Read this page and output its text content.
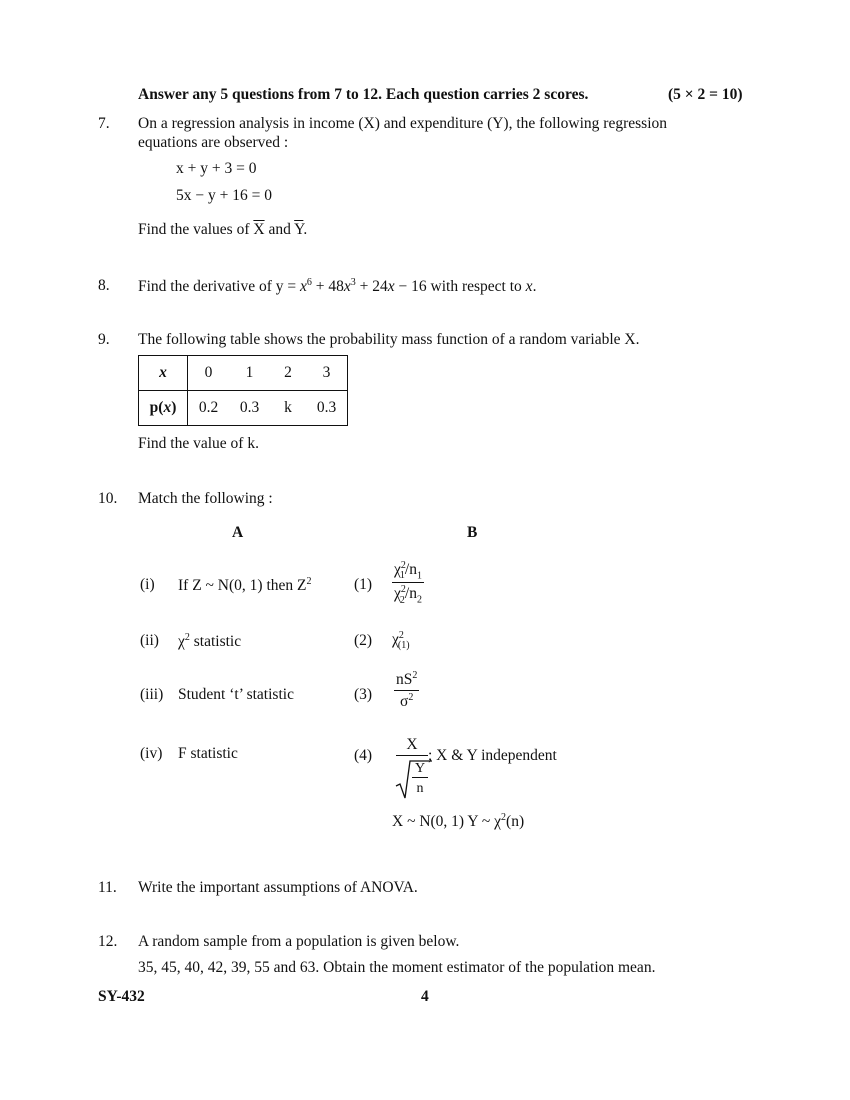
Answer any 5 questions from 7 to 12. Each question carries 2 scores.	(5 × 2 = 10)
7. On a regression analysis in income (X) and expenditure (Y), the following regression
equations are observed :
x + y + 3 = 0
5x − y + 16 = 0
Find the values of $\overline{X}$ and $\overline{Y}$.
8. Find the derivative of $y = x^6 + 48x^3 + 24x - 16$ with respect to x.
9. The following table shows the probability mass function of a random variable X.
x	0	1	2	3
p(x)	0.2	0.3	k	0.3
Find the value of k.
10. Match the following :
A	B
(i) If Z ~ N(0, 1) then $Z^2$	$(1) \frac{\chi^2_1/n_1}{\chi^2_2/n_2}$
(ii) $\chi^2$ statistic	(2) $\chi^2_{(1)}$
(iii) Student ‘t’ statistic	$(3) \frac{nS^2}{\sigma^2}$
(iv) F statistic	(4)
X
Y
n
; X & Y independent
X ~ N(0, 1) Y ~ $\chi^2(n)$
11. Write the important assumptions of ANOVA.
12. A random sample from a population is given below.
35, 45, 40, 42, 39, 55 and 63. Obtain the moment estimator of the population mean.
SY-432	4
